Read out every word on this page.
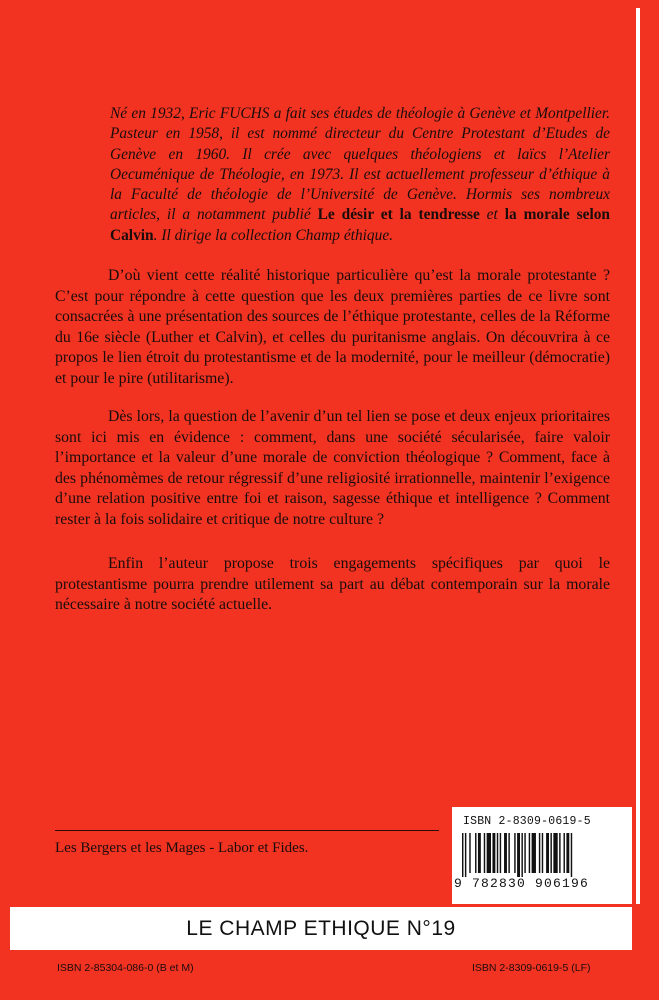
Né en 1932, Eric FUCHS a fait ses études de théologie à Genève et Montpellier. Pasteur en 1958, il est nommé directeur du Centre Protestant d’Etudes de Genève en 1960. Il crée avec quelques théologiens et laïcs l’Atelier Oecuménique de Théologie, en 1973. Il est actuellement professeur d’éthique à la Faculté de théologie de l’Université de Genève. Hormis ses nombreux articles, il a notamment publié Le désir et la tendresse et la morale selon Calvin. Il dirige la collection Champ éthique.

D’où vient cette réalité historique particulière qu’est la morale protestante ? C’est pour répondre à cette question que les deux premières parties de ce livre sont consacrées à une présentation des sources de l’éthique protestante, celles de la Réforme du 16e siècle (Luther et Calvin), et celles du puritanisme anglais. On découvrira à ce propos le lien étroit du protestantisme et de la modernité, pour le meilleur (démocratie) et pour le pire (utilitarisme).

Dès lors, la question de l’avenir d’un tel lien se pose et deux enjeux prioritaires sont ici mis en évidence : comment, dans une société sécularisée, faire valoir l’importance et la valeur d’une morale de conviction théologique ? Comment, face à des phénomèmes de retour régressif d’une religiosité irrationnelle, maintenir l’exigence d’une relation positive entre foi et raison, sagesse éthique et intelligence ? Comment rester à la fois solidaire et critique de notre culture ?

Enfin l’auteur propose trois engagements spécifiques par quoi le protestantisme pourra prendre utilement sa part au débat contemporain sur la morale nécessaire à notre société actuelle.

Les Bergers et les Mages - Labor et Fides.

ISBN 2-8309-0619-5
9 782830 906196
LE CHAMP ETHIQUE N°19
ISBN 2-85304-086-0 (B et M)	ISBN 2-8309-0619-5 (LF)
